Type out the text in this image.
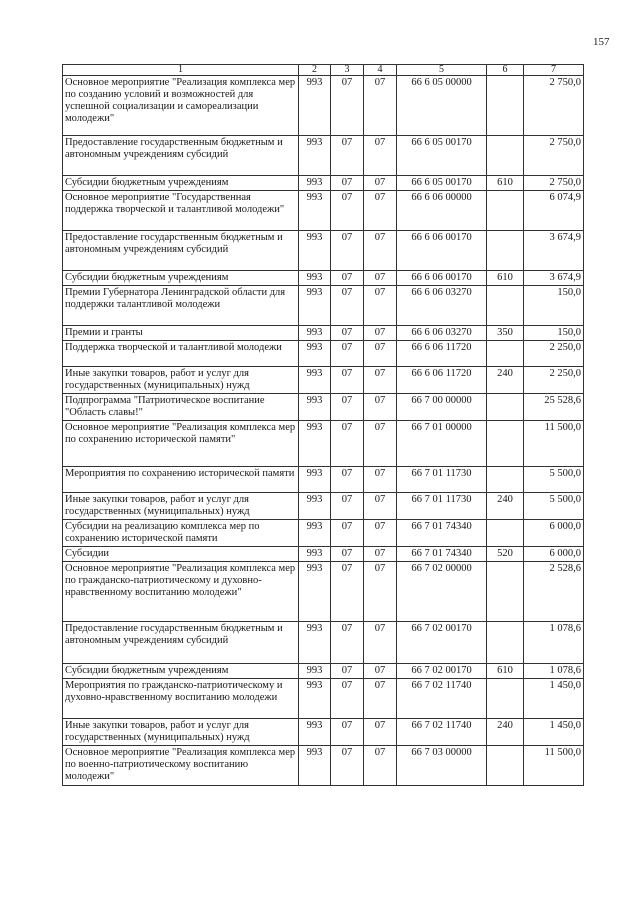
157
1	2	3	4	5	6	7
Основное мероприятие "Реализация комплекса мер по созданию условий и возможностей для успешной социализации и самореализации молодежи"	993	07	07	66 6 05 00000		2 750,0
Предоставление государственным бюджетным и автономным учреждениям субсидий	993	07	07	66 6 05 00170		2 750,0
Субсидии бюджетным учреждениям	993	07	07	66 6 05 00170	610	2 750,0
Основное мероприятие "Государственная поддержка творческой и талантливой молодежи"	993	07	07	66 6 06 00000		6 074,9
Предоставление государственным бюджетным и автономным учреждениям субсидий	993	07	07	66 6 06 00170		3 674,9
Субсидии бюджетным учреждениям	993	07	07	66 6 06 00170	610	3 674,9
Премии Губернатора Ленинградской области для поддержки талантливой молодежи	993	07	07	66 6 06 03270		150,0
Премии и гранты	993	07	07	66 6 06 03270	350	150,0
Поддержка творческой и талантливой молодежи	993	07	07	66 6 06 11720		2 250,0
Иные закупки товаров, работ и услуг для государственных (муниципальных) нужд	993	07	07	66 6 06 11720	240	2 250,0
Подпрограмма "Патриотическое воспитание "Область славы!"	993	07	07	66 7 00 00000		25 528,6
Основное мероприятие "Реализация комплекса мер по сохранению исторической памяти"	993	07	07	66 7 01 00000		11 500,0
Мероприятия по сохранению исторической памяти	993	07	07	66 7 01 11730		5 500,0
Иные закупки товаров, работ и услуг для государственных (муниципальных) нужд	993	07	07	66 7 01 11730	240	5 500,0
Субсидии на реализацию комплекса мер по сохранению исторической памяти	993	07	07	66 7 01 74340		6 000,0
Субсидии	993	07	07	66 7 01 74340	520	6 000,0
Основное мероприятие "Реализация комплекса мер по гражданско-патриотическому и духовно-нравственному воспитанию молодежи"	993	07	07	66 7 02 00000		2 528,6
Предоставление государственным бюджетным и автономным учреждениям субсидий	993	07	07	66 7 02 00170		1 078,6
Субсидии бюджетным учреждениям	993	07	07	66 7 02 00170	610	1 078,6
Мероприятия по гражданско-патриотическому и духовно-нравственному воспитанию молодежи	993	07	07	66 7 02 11740		1 450,0
Иные закупки товаров, работ и услуг для государственных (муниципальных) нужд	993	07	07	66 7 02 11740	240	1 450,0
Основное мероприятие "Реализация комплекса мер по военно-патриотическому воспитанию молодежи"	993	07	07	66 7 03 00000		11 500,0
